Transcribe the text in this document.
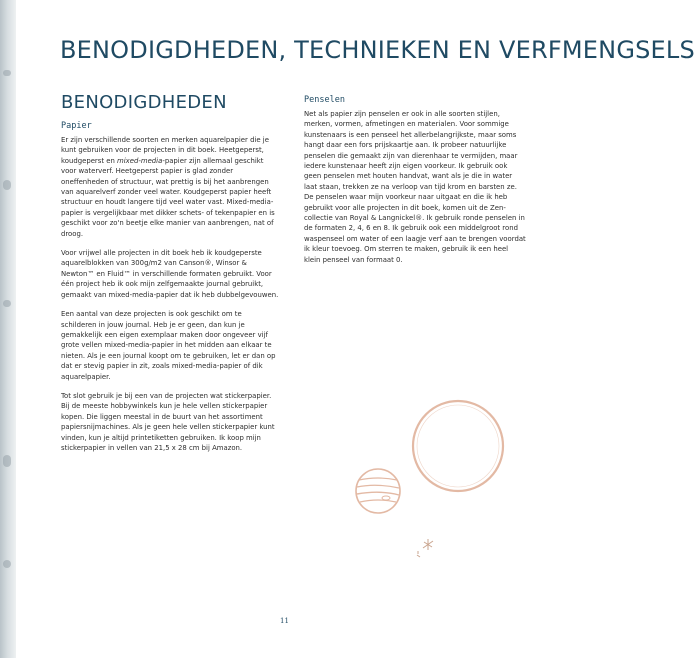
BENODIGDHEDEN, TECHNIEKEN EN VERFMENGSELS
BENODIGDHEDEN
Papier

Er zijn verschillende soorten en merken aquarelpapier die je kunt gebruiken voor de projecten in dit boek. Heetgeperst, koudgeperst en mixed-media-papier zijn allemaal geschikt voor waterverf. Heetgeperst papier is glad zonder oneffenheden of structuur, wat prettig is bij het aanbrengen van aquarelverf zonder veel water. Koudgeperst papier heeft structuur en houdt langere tijd veel water vast. Mixed-media-papier is vergelijkbaar met dikker schets- of tekenpapier en is geschikt voor zo'n beetje elke manier van aanbrengen, nat of droog.

Voor vrijwel alle projecten in dit boek heb ik koudgeperste aquarelblokken van 300g/m2 van Canson®, Winsor & Newton™ en Fluid™ in verschillende formaten gebruikt. Voor één project heb ik ook mijn zelfgemaakte journal gebruikt, gemaakt van mixed-media-papier dat ik heb dubbelgevouwen.

Een aantal van deze projecten is ook geschikt om te schilderen in jouw journal. Heb je er geen, dan kun je gemakkelijk een eigen exemplaar maken door ongeveer vijf grote vellen mixed-media-papier in het midden aan elkaar te nieten. Als je een journal koopt om te gebruiken, let er dan op dat er stevig papier in zit, zoals mixed-media-papier of dik aquarelpapier.

Tot slot gebruik je bij een van de projecten wat stickerpapier. Bij de meeste hobbywinkels kun je hele vellen stickerpapier kopen. Die liggen meestal in de buurt van het assortiment papiersnijmachines. Als je geen hele vellen stickerpapier kunt vinden, kun je altijd printetiketten gebruiken. Ik koop mijn stickerpapier in vellen van 21,5 x 28 cm bij Amazon.

Penselen

Net als papier zijn penselen er ook in alle soorten stijlen, merken, vormen, afmetingen en materialen. Voor sommige kunstenaars is een penseel het allerbelangrijkste, maar soms hangt daar een fors prijskaartje aan. Ik probeer natuurlijke penselen die gemaakt zijn van dierenhaar te vermijden, maar iedere kunstenaar heeft zijn eigen voorkeur. Ik gebruik ook geen penselen met houten handvat, want als je die in water laat staan, trekken ze na verloop van tijd krom en barsten ze. De penselen waar mijn voorkeur naar uitgaat en die ik heb gebruikt voor alle projecten in dit boek, komen uit de Zen-collectie van Royal & Langnickel®. Ik gebruik ronde penselen in de formaten 2, 4, 6 en 8. Ik gebruik ook een middelgroot rond waspenseel om water of een laagje verf aan te brengen voordat ik kleur toevoeg. Om sterren te maken, gebruik ik een heel klein penseel van formaat 0.

11
